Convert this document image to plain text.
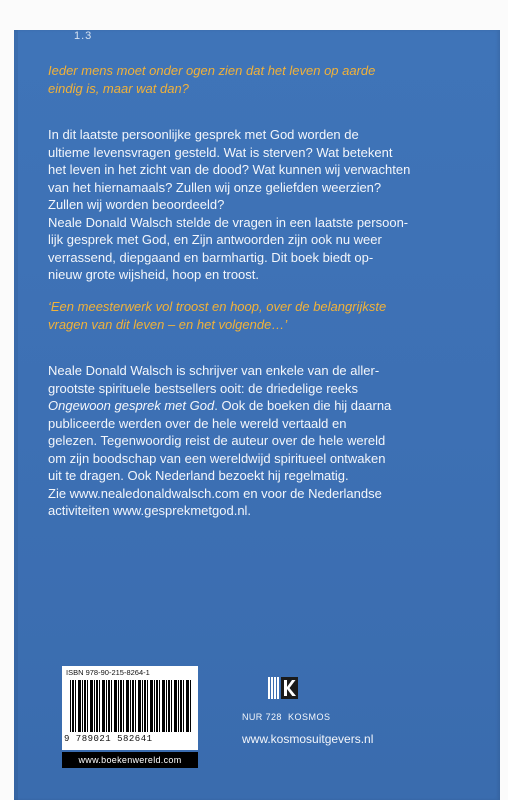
1.3
Ieder mens moet onder ogen zien dat het leven op aarde
eindig is, maar wat dan?
In dit laatste persoonlijke gesprek met God worden de
ultieme levensvragen gesteld. Wat is sterven? Wat betekent
het leven in het zicht van de dood? Wat kunnen wij verwachten
van het hiernamaals? Zullen wij onze geliefden weerzien?
Zullen wij worden beoordeeld?
Neale Donald Walsch stelde de vragen in een laatste persoon-
lijk gesprek met God, en Zijn antwoorden zijn ook nu weer
verrassend, diepgaand en barmhartig. Dit boek biedt op-
nieuw grote wijsheid, hoop en troost.
‘Een meesterwerk vol troost en hoop, over de belangrijkste
vragen van dit leven – en het volgende…’
Neale Donald Walsch is schrijver van enkele van de aller-
grootste spirituele bestsellers ooit: de driedelige reeks
Ongewoon gesprek met God. Ook de boeken die hij daarna
publiceerde werden over de hele wereld vertaald en
gelezen. Tegenwoordig reist de auteur over de hele wereld
om zijn boodschap van een wereldwijd spiritueel ontwaken
uit te dragen. Ook Nederland bezoekt hij regelmatig.
Zie www.nealedonaldwalsch.com en voor de Nederlandse
activiteiten www.gesprekmetgod.nl.
ISBN 978-90-215-8264-1
9 789021 582641
www.boekenwereld.com
NUR 728 KOSMOS
www.kosmosuitgevers.nl
